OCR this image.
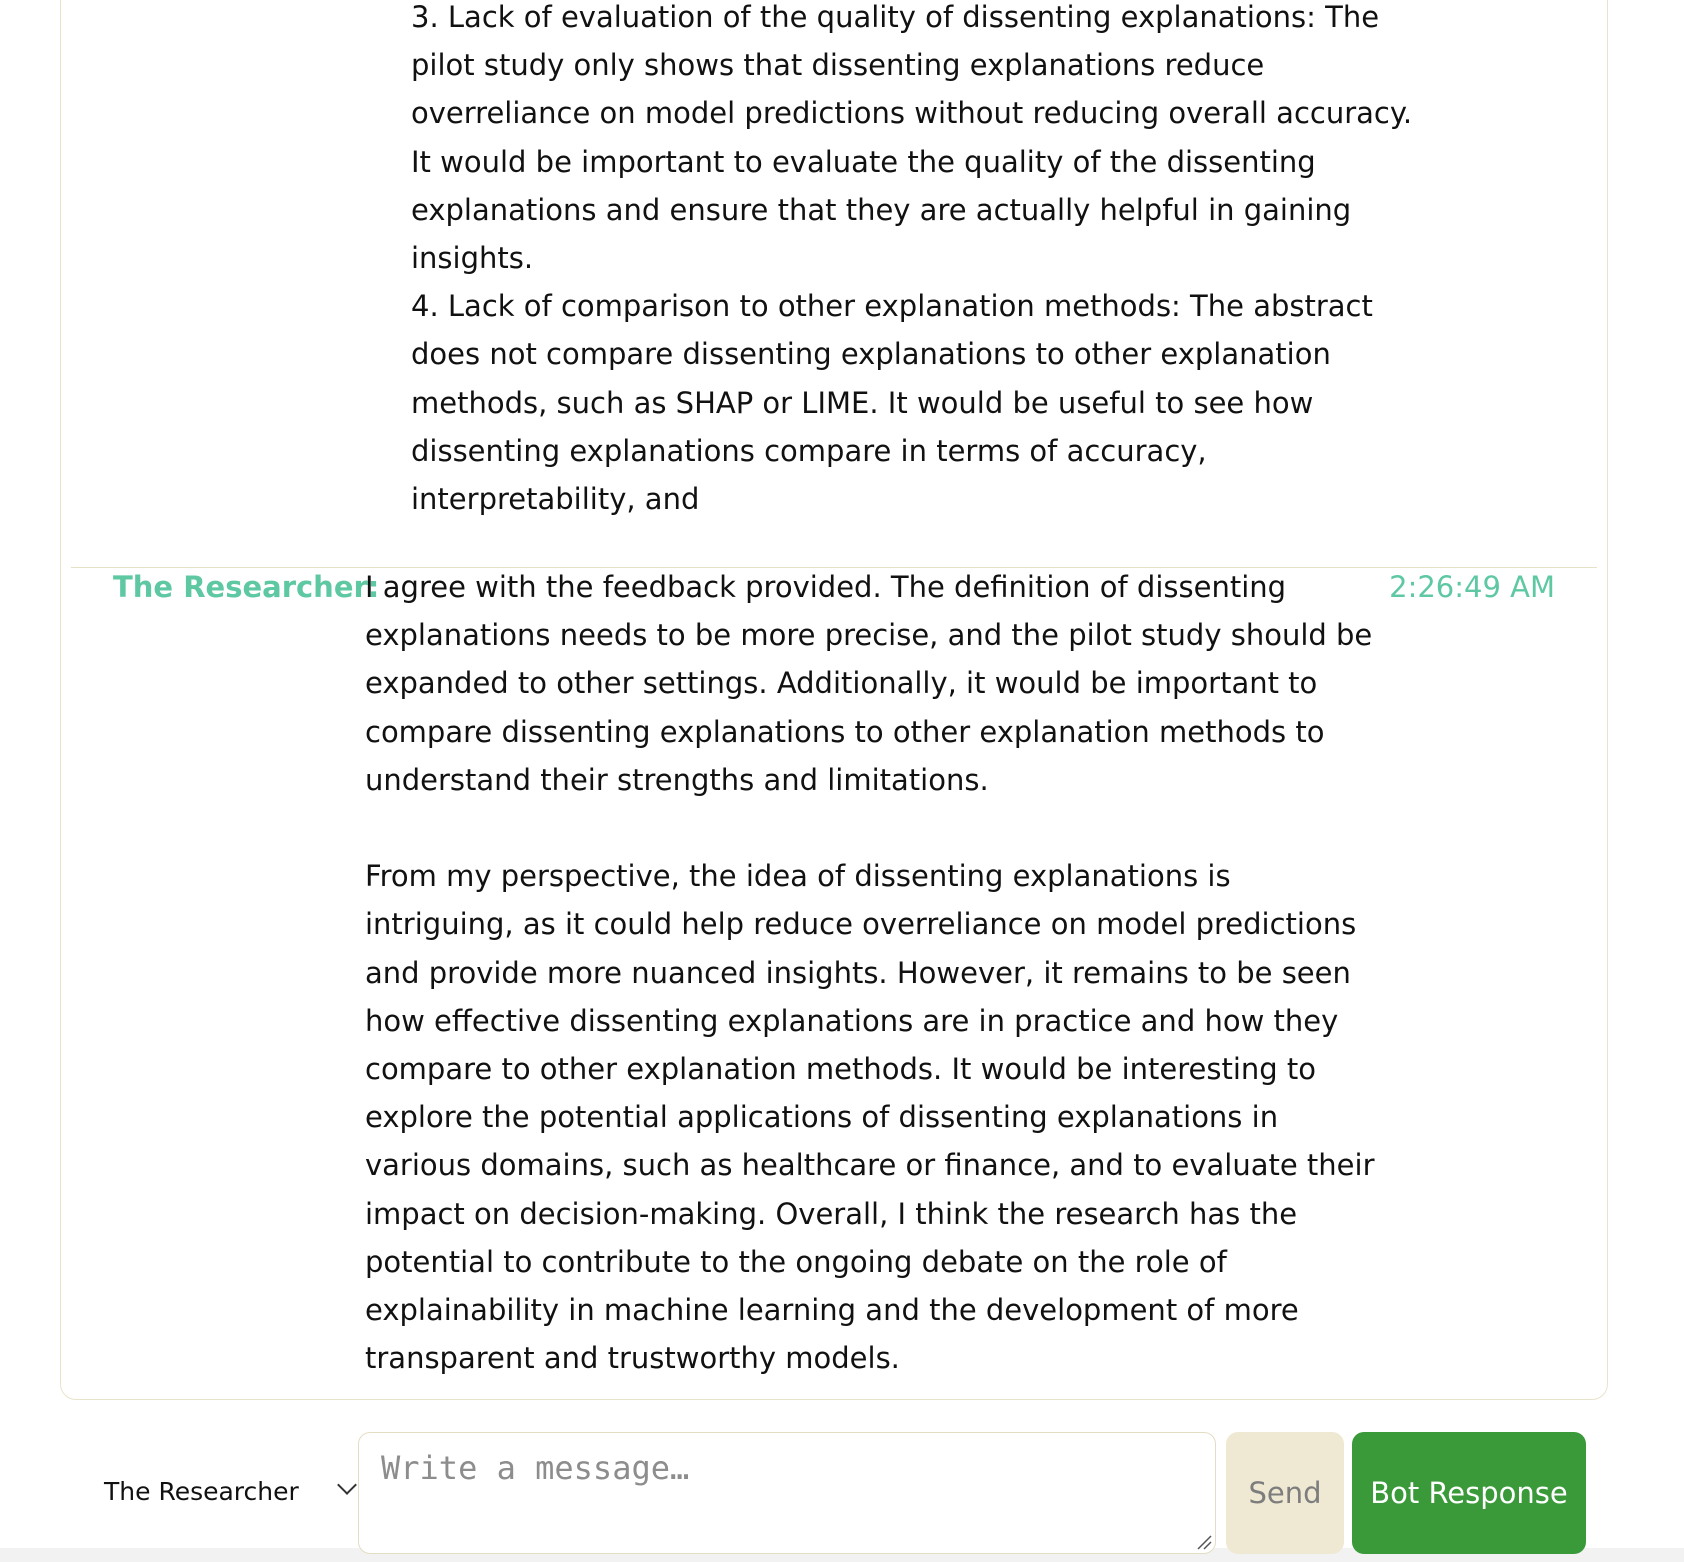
3. Lack of evaluation of the quality of dissenting explanations: The pilot study only shows that dissenting explanations reduce overreliance on model predictions without reducing overall accuracy. It would be important to evaluate the quality of the dissenting explanations and ensure that they are actually helpful in gaining insights.

4. Lack of comparison to other explanation methods: The abstract does not compare dissenting explanations to other explanation methods, such as SHAP or LIME. It would be useful to see how dissenting explanations compare in terms of accuracy, interpretability, and

The Researcher:

I agree with the feedback provided. The definition of dissenting explanations needs to be more precise, and the pilot study should be expanded to other settings. Additionally, it would be important to compare dissenting explanations to other explanation methods to understand their strengths and limitations.

From my perspective, the idea of dissenting explanations is intriguing, as it could help reduce overreliance on model predictions and provide more nuanced insights. However, it remains to be seen how effective dissenting explanations are in practice and how they compare to other explanation methods. It would be interesting to explore the potential applications of dissenting explanations in various domains, such as healthcare or finance, and to evaluate their impact on decision-making. Overall, I think the research has the potential to contribute to the ongoing debate on the role of explainability in machine learning and the development of more transparent and trustworthy models.

2:26:49 AM
The Researcher
Write a message…	Send	Bot Response
